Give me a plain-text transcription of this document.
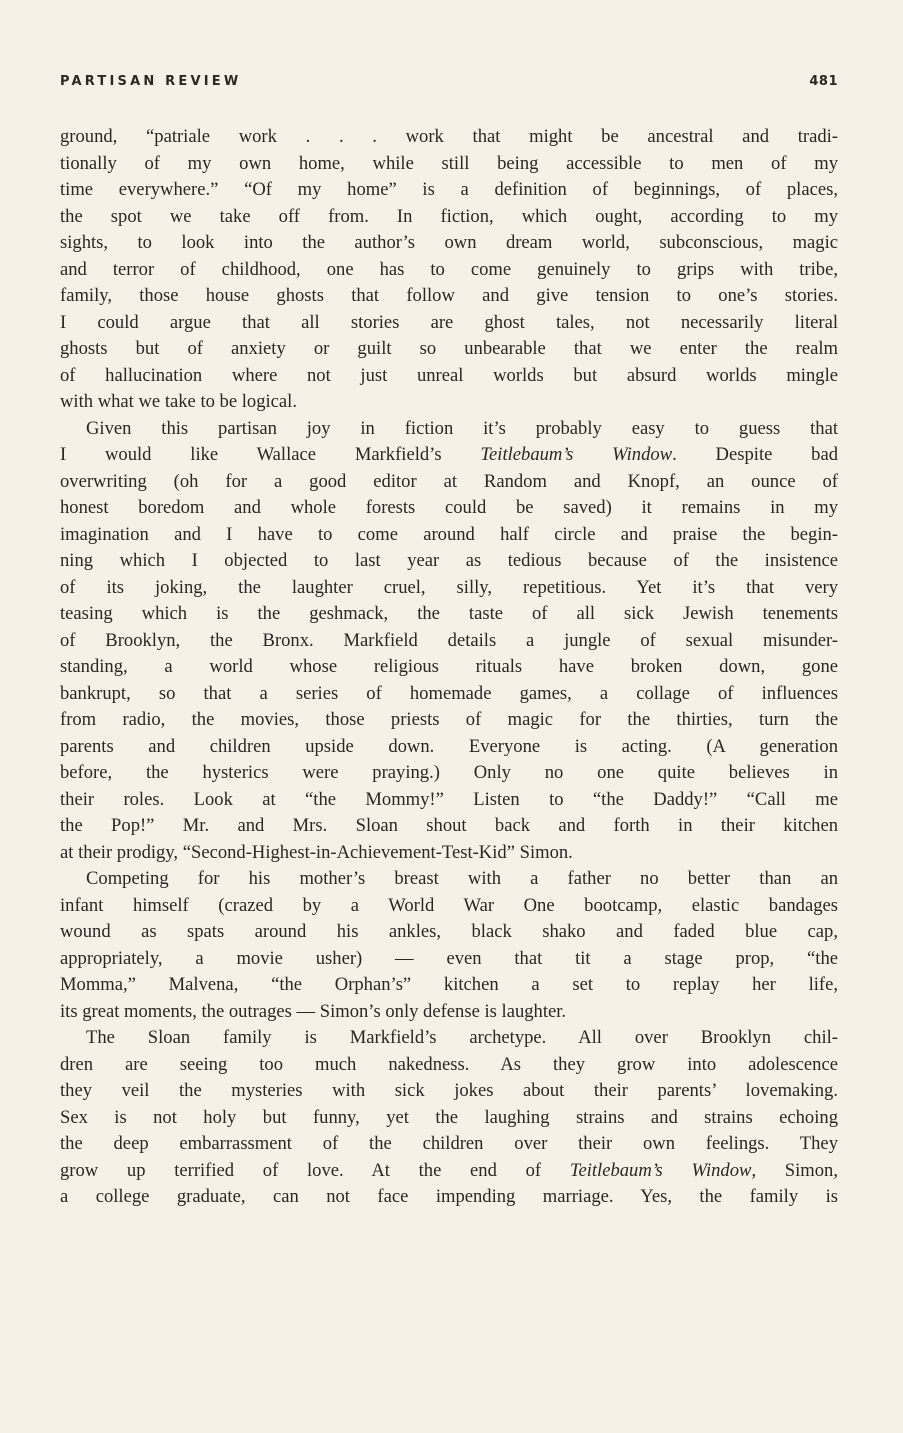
PARTISAN REVIEW	481
ground, “patriale work . . . work that might be ancestral and tradi-
tionally of my own home, while still being accessible to men of my
time everywhere.” “Of my home” is a definition of beginnings, of places,
the spot we take off from. In fiction, which ought, according to my
sights, to look into the author’s own dream world, subconscious, magic
and terror of childhood, one has to come genuinely to grips with tribe,
family, those house ghosts that follow and give tension to one’s stories.
I could argue that all stories are ghost tales, not necessarily literal
ghosts but of anxiety or guilt so unbearable that we enter the realm
of hallucination where not just unreal worlds but absurd worlds mingle
with what we take to be logical.
Given this partisan joy in fiction it’s probably easy to guess that
I would like Wallace Markfield’s Teitlebaum’s Window. Despite bad
overwriting (oh for a good editor at Random and Knopf, an ounce of
honest boredom and whole forests could be saved) it remains in my
imagination and I have to come around half circle and praise the begin-
ning which I objected to last year as tedious because of the insistence
of its joking, the laughter cruel, silly, repetitious. Yet it’s that very
teasing which is the geshmack, the taste of all sick Jewish tenements
of Brooklyn, the Bronx. Markfield details a jungle of sexual misunder-
standing, a world whose religious rituals have broken down, gone
bankrupt, so that a series of homemade games, a collage of influences
from radio, the movies, those priests of magic for the thirties, turn the
parents and children upside down. Everyone is acting. (A generation
before, the hysterics were praying.) Only no one quite believes in
their roles. Look at “the Mommy!” Listen to “the Daddy!” “Call me
the Pop!” Mr. and Mrs. Sloan shout back and forth in their kitchen
at their prodigy, “Second-Highest-in-Achievement-Test-Kid” Simon.
Competing for his mother’s breast with a father no better than an
infant himself (crazed by a World War One bootcamp, elastic bandages
wound as spats around his ankles, black shako and faded blue cap,
appropriately, a movie usher) — even that tit a stage prop, “the
Momma,” Malvena, “the Orphan’s” kitchen a set to replay her life,
its great moments, the outrages — Simon’s only defense is laughter.
The Sloan family is Markfield’s archetype. All over Brooklyn chil-
dren are seeing too much nakedness. As they grow into adolescence
they veil the mysteries with sick jokes about their parents’ lovemaking.
Sex is not holy but funny, yet the laughing strains and strains echoing
the deep embarrassment of the children over their own feelings. They
grow up terrified of love. At the end of Teitlebaum’s Window, Simon,
a college graduate, can not face impending marriage. Yes, the family is
